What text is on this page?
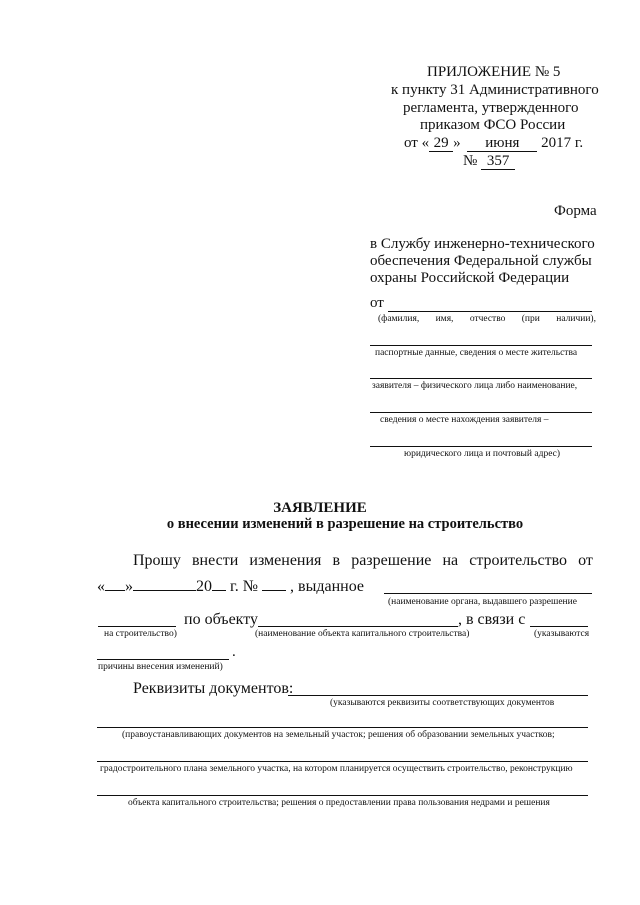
ПРИЛОЖЕНИЕ № 5
к пункту 31 Административного
регламента, утвержденного
приказом ФСО России
от « 29 » июня 2017 г.
№ 357
Форма
в Службу инженерно-технического
обеспечения Федеральной службы
охраны Российской Федерации
от
(фамилия, имя, отчество (при наличии),
паспортные данные, сведения о месте жительства
заявителя – физического лица либо наименование,
сведения о месте нахождения заявителя –
юридического лица и почтовый адрес)
ЗАЯВЛЕНИЕ
о внесении изменений в разрешение на строительство
Прошу внести изменения в разрешение на строительство от
« »	20 г. № , выданное
(наименование органа, выдавшего разрешение
по объекту	, в связи с
на строительство)	(наименование объекта капитального строительства)	(указываются
.
причины внесения изменений)
Реквизиты документов:
(указываются реквизиты соответствующих документов
(правоустанавливающих документов на земельный участок; решения об образовании земельных участков;
градостроительного плана земельного участка, на котором планируется осуществить строительство, реконструкцию
объекта капитального строительства; решения о предоставлении права пользования недрами и решения
